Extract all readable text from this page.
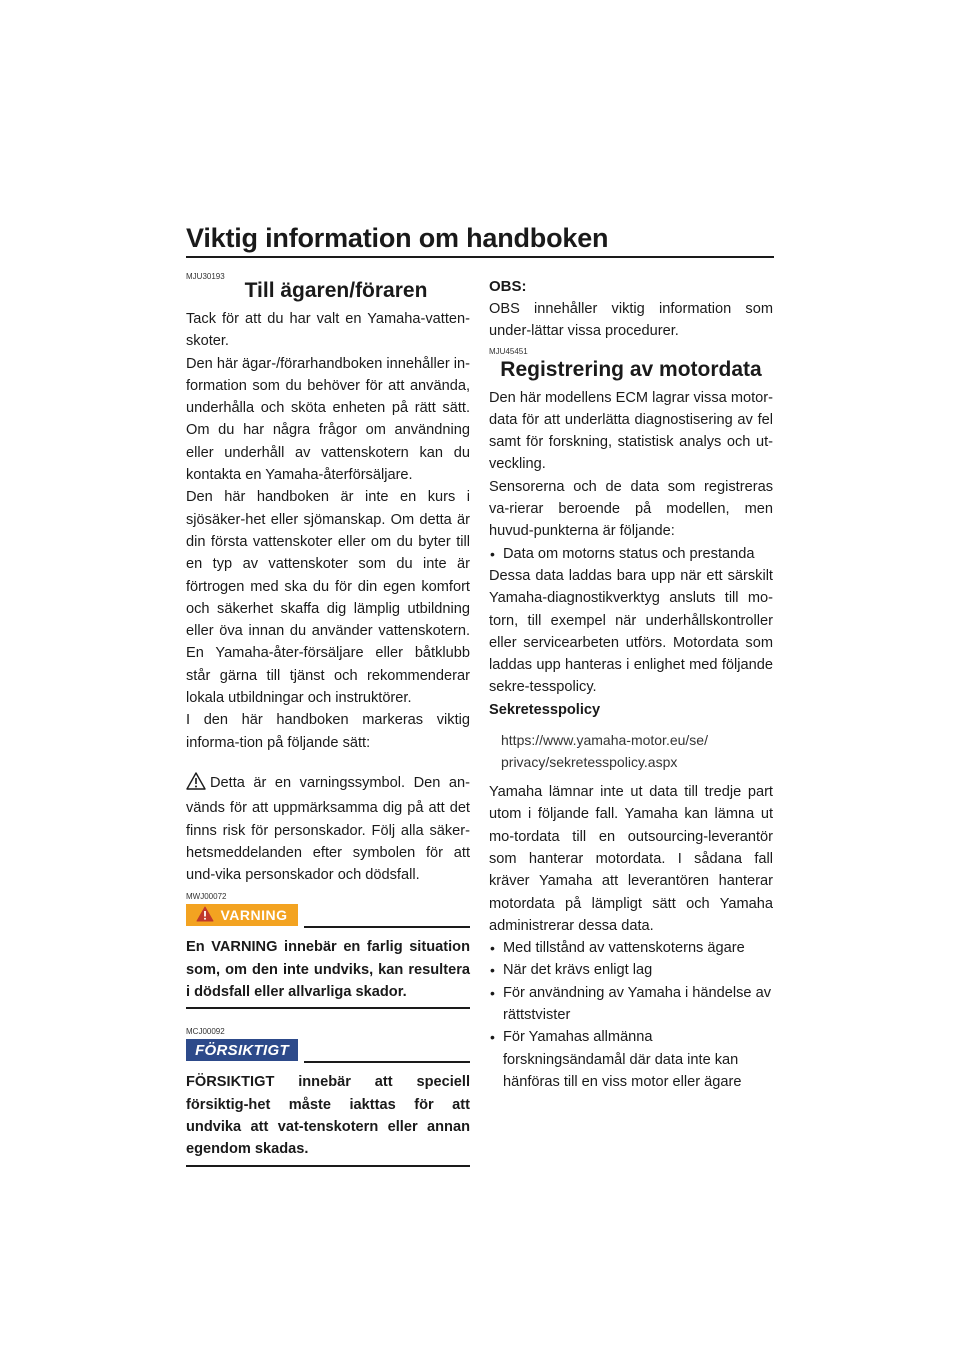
Viktig information om handboken
MJU30193
Till ägaren/föraren

Tack för att du har valt en Yamaha-vatten-skoter.

Den här ägar-/förarhandboken innehåller in-formation som du behöver för att använda, underhålla och sköta enheten på rätt sätt. Om du har några frågor om användning eller underhåll av vattenskotern kan du kontakta en Yamaha-återförsäljare.

Den här handboken är inte en kurs i sjösäker-het eller sjömanskap. Om detta är din första vattenskoter eller om du byter till en typ av vattenskoter som du inte är förtrogen med ska du för din egen komfort och säkerhet skaffa dig lämplig utbildning eller öva innan du använder vattenskotern. En Yamaha-åter-försäljare eller båtklubb står gärna till tjänst och rekommenderar lokala utbildningar och instruktörer.

I den här handboken markeras viktig informa-tion på följande sätt:

Detta är en varningssymbol. Den an-vänds för att uppmärksamma dig på att det finns risk för personskador. Följ alla säker-hetsmeddelanden efter symbolen för att und-vika personskador och dödsfall.

MWJ00072
VARNING
En VARNING innebär en farlig situation som, om den inte undviks, kan resultera i dödsfall eller allvarliga skador.
MCJ00092
FÖRSIKTIGT
FÖRSIKTIGT innebär att speciell försiktig-het måste iakttas för att undvika att vat-tenskotern eller annan egendom skadas.
OBS:

OBS innehåller viktig information som under-lättar vissa procedurer.

MJU45451
Registrering av motordata

Den här modellens ECM lagrar vissa motor-data för att underlätta diagnostisering av fel samt för forskning, statistisk analys och ut-veckling.

Sensorerna och de data som registreras va-rierar beroende på modellen, men huvud-punkterna är följande:

• Data om motorns status och prestanda

Dessa data laddas bara upp när ett särskilt Yamaha-diagnostikverktyg ansluts till mo-torn, till exempel när underhållskontroller eller servicearbeten utförs. Motordata som laddas upp hanteras i enlighet med följande sekre-tesspolicy.

Sekretesspolicy
https://www.yamaha-motor.eu/se/
privacy/sekretesspolicy.aspx

Yamaha lämnar inte ut data till tredje part utom i följande fall. Yamaha kan lämna ut mo-tordata till en outsourcing-leverantör som hanterar motordata. I sådana fall kräver Yamaha att leverantören hanterar motordata på lämpligt sätt och Yamaha administrerar dessa data.

• Med tillstånd av vattenskoterns ägare
• När det krävs enligt lag
• För användning av Yamaha i händelse av rättstvister
• För Yamahas allmänna forskningsändamål där data inte kan hänföras till en viss motor eller ägare
